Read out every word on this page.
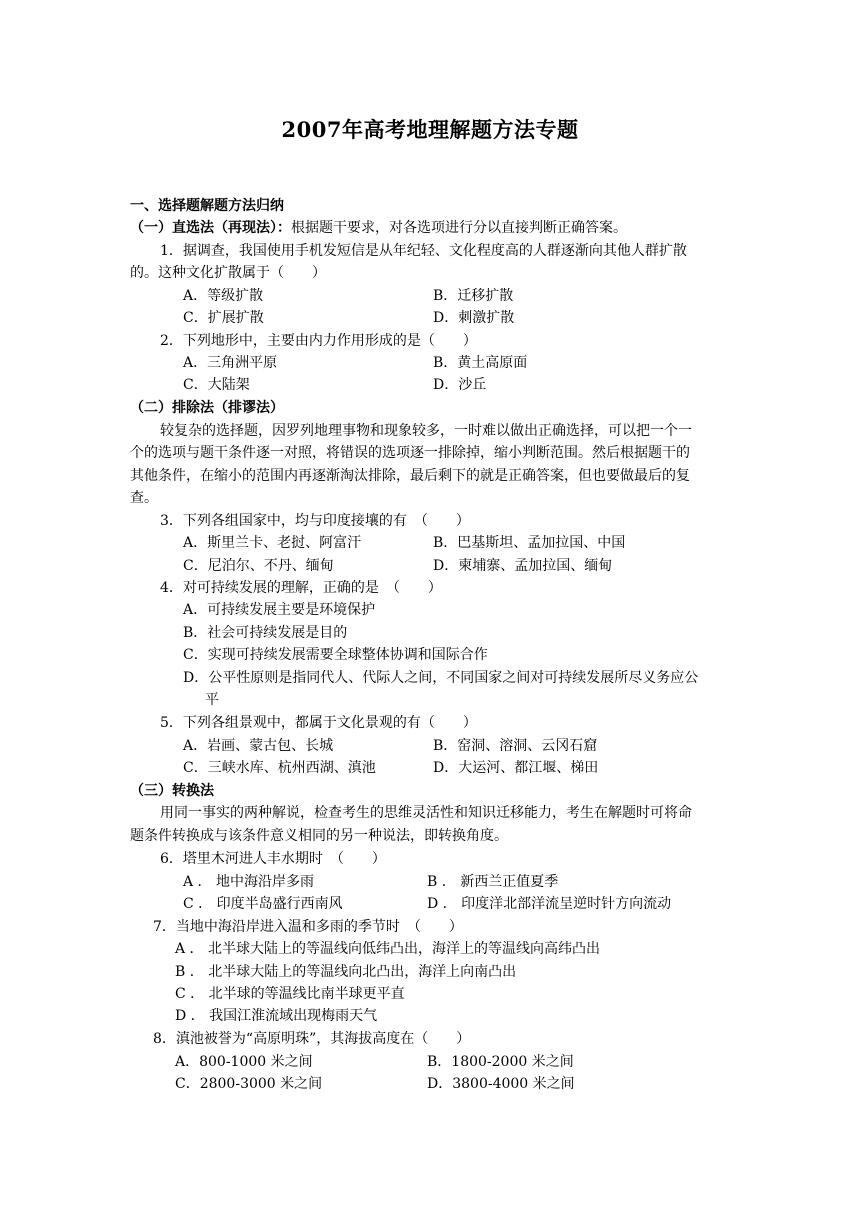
2007年高考地理解题方法专题
一、选择题解题方法归纳
（一）直选法（再现法）：根据题干要求，对各选项进行分以直接判断正确答案。
1．据调查，我国使用手机发短信是从年纪轻、文化程度高的人群逐渐向其他人群扩散
的。这种文化扩散属于（　　）
A．等级扩散	B．迁移扩散
C．扩展扩散	D．刺激扩散
2．下列地形中，主要由内力作用形成的是（　　）
A．三角洲平原	B．黄土高原面
C．大陆架	D．沙丘
（二）排除法（排谬法）
较复杂的选择题，因罗列地理事物和现象较多，一时难以做出正确选择，可以把一个一
个的选项与题干条件逐一对照，将错误的选项逐一排除掉，缩小判断范围。然后根据题干的
其他条件，在缩小的范围内再逐渐淘汰排除，最后剩下的就是正确答案，但也要做最后的复
查。
3．下列各组国家中，均与印度接壤的有　（　　）
A．斯里兰卡、老挝、阿富汗	B．巴基斯坦、孟加拉国、中国
C．尼泊尔、不丹、缅甸	D．柬埔寨、孟加拉国、缅甸
4．对可持续发展的理解，正确的是　（　　）
A．可持续发展主要是环境保护
B．社会可持续发展是目的
C．实现可持续发展需要全球整体协调和国际合作
D．公平性原则是指同代人、代际人之间，不同国家之间对可持续发展所尽义务应公
平
5．下列各组景观中，都属于文化景观的有（　　）
A．岩画、蒙古包、长城	B．窑洞、溶洞、云冈石窟
C．三峡水库、杭州西湖、滇池	D．大运河、都江堰、梯田
（三）转换法
用同一事实的两种解说，检查考生的思维灵活性和知识迁移能力，考生在解题时可将命
题条件转换成与该条件意义相同的另一种说法，即转换角度。
6．塔里木河进人丰水期时　（　　）
A ． 地中海沿岸多雨	B ． 新西兰正值夏季
C ． 印度半岛盛行西南风	D ． 印度洋北部洋流呈逆时针方向流动
7．当地中海沿岸进入温和多雨的季节时　（　　）
A ． 北半球大陆上的等温线向低纬凸出，海洋上的等温线向高纬凸出
B ． 北半球大陆上的等温线向北凸出，海洋上向南凸出
C ． 北半球的等温线比南半球更平直
D ． 我国江淮流域出现梅雨天气
8．滇池被誉为“高原明珠”，其海拔高度在（　　）
A．800-1000 米之间	B．1800-2000 米之间
C．2800-3000 米之间	D．3800-4000 米之间
